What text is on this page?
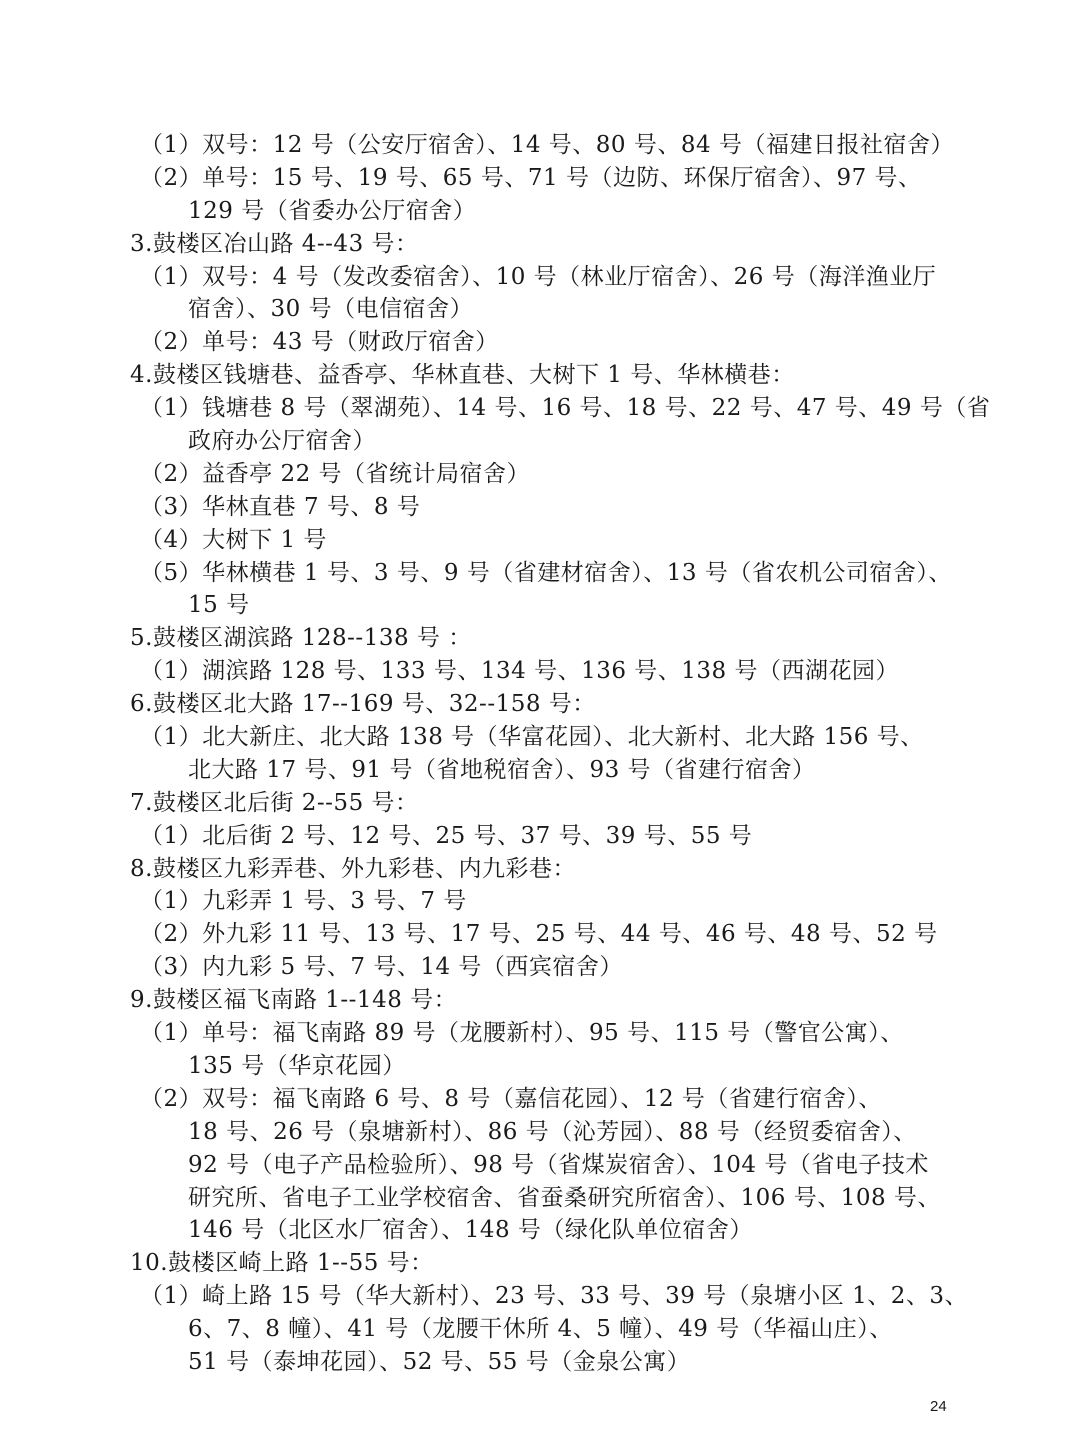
（1）双号：12 号（公安厅宿舍）、14 号、80 号、84 号（福建日报社宿舍）
（2）单号：15 号、19 号、65 号、71 号（边防、环保厅宿舍）、97 号、
129 号（省委办公厅宿舍）
3.鼓楼区冶山路 4--43 号：
（1）双号：4 号（发改委宿舍）、10 号（林业厅宿舍）、26 号（海洋渔业厅
宿舍）、30 号（电信宿舍）
（2）单号：43 号（财政厅宿舍）
4.鼓楼区钱塘巷、益香亭、华林直巷、大树下 1 号、华林横巷：
（1）钱塘巷 8 号（翠湖苑）、14 号、16 号、18 号、22 号、47 号、49 号（省
政府办公厅宿舍）
（2）益香亭 22 号（省统计局宿舍）
（3）华林直巷 7 号、8 号
（4）大树下 1 号
（5）华林横巷 1 号、3 号、9 号（省建材宿舍）、13 号（省农机公司宿舍）、
15 号
5.鼓楼区湖滨路 128--138 号 ：
（1）湖滨路 128 号、133 号、134 号、136 号、138 号（西湖花园）
6.鼓楼区北大路 17--169 号、32--158 号：
（1）北大新庄、北大路 138 号（华富花园）、北大新村、北大路 156 号、
北大路 17 号、91 号（省地税宿舍）、93 号（省建行宿舍）
7.鼓楼区北后街 2--55 号：
（1）北后街 2 号、12 号、25 号、37 号、39 号、55 号
8.鼓楼区九彩弄巷、外九彩巷、内九彩巷：
（1）九彩弄 1 号、3 号、7 号
（2）外九彩 11 号、13 号、17 号、25 号、44 号、46 号、48 号、52 号
（3）内九彩 5 号、7 号、14 号（西宾宿舍）
9.鼓楼区福飞南路 1--148 号：
（1）单号：福飞南路 89 号（龙腰新村）、95 号、115 号（警官公寓）、
135 号（华京花园）
（2）双号：福飞南路 6 号、8 号（嘉信花园）、12 号（省建行宿舍）、
18 号、26 号（泉塘新村）、86 号（沁芳园）、88 号（经贸委宿舍）、
92 号（电子产品检验所）、98 号（省煤炭宿舍）、104 号（省电子技术
研究所、省电子工业学校宿舍、省蚕桑研究所宿舍）、106 号、108 号、
146 号（北区水厂宿舍）、148 号（绿化队单位宿舍）
10.鼓楼区崎上路 1--55 号：
（1）崎上路 15 号（华大新村）、23 号、33 号、39 号（泉塘小区 1、2、3、
6、7、8 幢）、41 号（龙腰干休所 4、5 幢）、49 号（华福山庄）、
51 号（泰坤花园）、52 号、55 号（金泉公寓）
24
